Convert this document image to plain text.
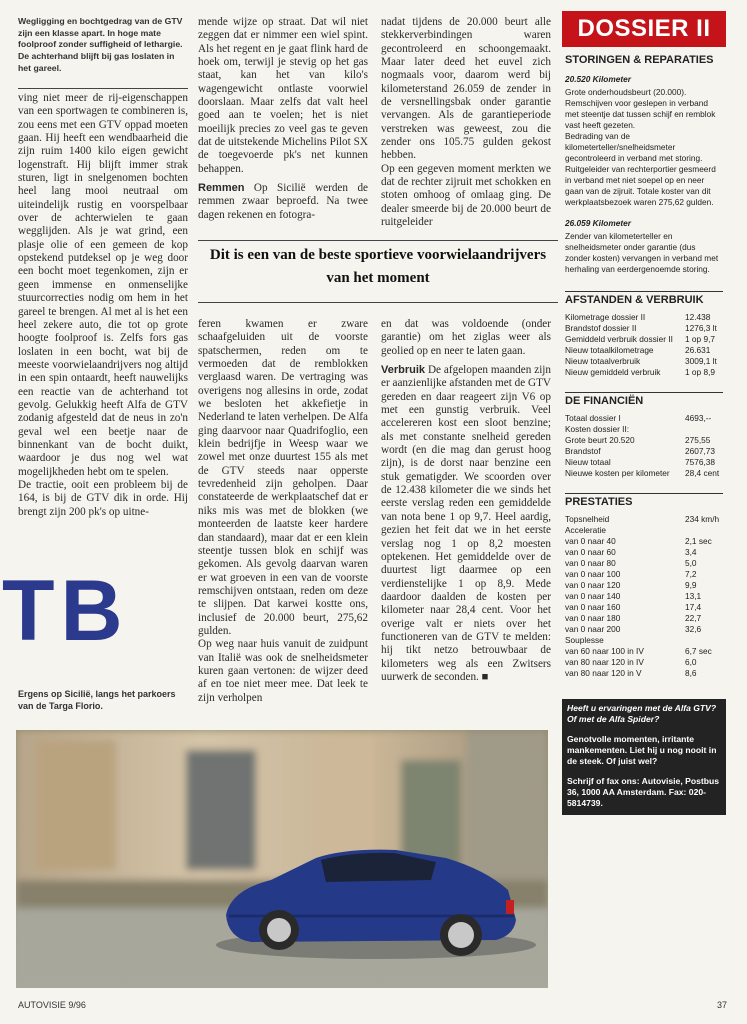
Wegligging en bochtgedrag van de GTV zijn een klasse apart. In hoge mate foolproof zonder suffigheid of lethargie. De achterhand blijft bij gas loslaten in het gareel.

ving niet meer de rij-eigenschappen van een sportwagen te combineren is, zou eens met een GTV oppad moeten gaan. Hij heeft een wendbaarheid die zijn ruim 1400 kilo eigen gewicht logenstraft. Hij blijft immer strak sturen, ligt in snelgenomen bochten heel lang mooi neutraal om uiteindelijk rustig en voorspelbaar over de achterwielen te gaan wegglijden. Als je wat grind, een plasje olie of een gemeen de kop opstekend putdeksel op je weg door een bocht moet tegenkomen, zijn er geen immense en onmenselijke stuurcorrecties nodig om hem in het gareel te brengen. Al met al is het een heel zekere auto, die tot op grote hoogte foolproof is. Zelfs fors gas loslaten in een bocht, wat bij de meeste voorwielaandrijvers nog altijd in een spin ontaardt, heeft nauwelijks een reactie van de achterhand tot gevolg. Gelukkig heeft Alfa de GTV zodanig afgesteld dat de neus in zo'n geval wel een beetje naar de binnenkant van de bocht duikt, waardoor je dus nog wel wat mogelijkheden hebt om te spelen.

De tractie, ooit een probleem bij de 164, is bij de GTV dik in orde. Hij brengt zijn 200 pk's op uitne-

mende wijze op straat. Dat wil niet zeggen dat er nimmer een wiel spint. Als het regent en je gaat flink hard de hoek om, terwijl je stevig op het gas staat, kan het van kilo's wagengewicht ontlaste voorwiel doorslaan. Maar zelfs dat valt heel goed aan te voelen; het is niet moeilijk precies zo veel gas te geven dat de uitstekende Michelins Pilot SX de toegevoerde pk's net kunnen behappen.

Remmen Op Sicilië werden de remmen zwaar beproefd. Na twee dagen rekenen en fotogra-

nadat tijdens de 20.000 beurt alle stekkerverbindingen waren gecontroleerd en schoongemaakt. Maar later deed het euvel zich nogmaals voor, daarom werd bij kilometerstand 26.059 de zender in de versnellingsbak onder garantie vervangen. Als de garantieperiode verstreken was geweest, zou die zender ons 105.75 gulden gekost hebben.

Op een gegeven moment merkten we dat de rechter zijruit met schokken en stoten omhoog of omlaag ging. De dealer smeerde bij de 20.000 beurt de ruitgeleider

Dit is een van de beste sportieve voorwielaandrijvers van het moment

feren kwamen er zware schaafgeluiden uit de voorste spatschermen, reden om te vermoeden dat de remblokken verglaasd waren. De vertraging was overigens nog allesins in orde, zodat we besloten het akkefietje in Nederland te laten verhelpen. De Alfa ging daarvoor naar Quadrifoglio, een klein bedrijfje in Weesp waar we zowel met onze duurtest 155 als met de GTV steeds naar opperste tevredenheid zijn geholpen. Daar constateerde de werkplaatschef dat er niks mis was met de blokken (we monteerden de laatste keer hardere dan standaard), maar dat er een klein steentje tussen blok en schijf was gekomen. Als gevolg daarvan waren er wat groeven in een van de voorste remschijven ontstaan, reden om deze te slijpen. Dat karwei kostte ons, inclusief de 20.000 beurt, 275,62 gulden.

Op weg naar huis vanuit de zuidpunt van Italië was ook de snelheidsmeter kuren gaan vertonen: de wijzer deed af en toe niet meer mee. Dat leek te zijn verholpen

en dat was voldoende (onder garantie) om het ziglas weer als geolied op en neer te laten gaan.

Verbruik De afgelopen maanden zijn er aanzienlijke afstanden met de GTV gereden en daar reageert zijn V6 op met een gunstig verbruik. Veel accelereren kost een sloot benzine; als met constante snelheid gereden wordt (en die mag dan gerust hoog zijn), is de dorst naar benzine een stuk gematigder. We scoorden over de 12.438 kilometer die we sinds het eerste verslag reden een gemiddelde van nota bene 1 op 9,7. Heel aardig, gezien het feit dat we in het eerste verslag nog 1 op 8,2 moesten optekenen. Het gemiddelde over de duurtest ligt daarmee op een verdienstelijke 1 op 8,9. Mede daardoor daalden de kosten per kilometer naar 28,4 cent. Voor het overige valt er niets over het functioneren van de GTV te melden: hij tikt netzo betrouwbaar de kilometers weg als een Zwitsers uurwerk de seconden. ■

TB
Ergens op Sicilië, langs het parkoers van de Targa Florio.
DOSSIER II
STORINGEN & REPARATIES
20.520 Kilometer
Grote onderhoudsbeurt (20.000).
Remschijven voor geslepen in verband met steentje dat tussen schijf en remblok vast heeft gezeten.
Bedrading van de kilometerteller/snelheidsmeter gecontroleerd in verband met storing.
Ruitgeleider van rechterportier gesmeerd in verband met niet soepel op en neer gaan van de zijruit. Totale koster van dit werkplaatsbezoek waren 275,62 gulden.
26.059 Kilometer
Zender van kilometerteller en snelheidsmeter onder garantie (dus zonder kosten) vervangen in verband met herhaling van eerdergenoemde storing.
AFSTANDEN & VERBRUIK
Kilometrage dossier II	12.438
Brandstof dossier II	1276,3 lt
Gemiddeld verbruik dossier II 1 op 9,7
Nieuw totaalkilometrage	26.631
Nieuw totaalverbruik	3009,1 lt
Nieuw gemiddeld verbruik	1 op 8,9
DE FINANCIËN
Totaal dossier I	4693,--
Kosten dossier II:
Grote beurt 20.520	275,55
Brandstof	2607,73
Nieuw totaal	7576,38
Nieuwe kosten per kilometer 28,4 cent
PRESTATIES
Topsnelheid	234 km/h
Acceleratie
van 0 naar 40	2,1 sec
van 0 naar 60	3,4
van 0 naar 80	5,0
van 0 naar 100	7,2
van 0 naar 120	9,9
van 0 naar 140	13,1
van 0 naar 160	17,4
van 0 naar 180	22,7
van 0 naar 200	32,6
Souplesse
van 60 naar 100 in IV	6,7 sec
van 80 naar 120 in IV	6,0
van 80 naar 120 in V	8,6

Heeft u ervaringen met de Alfa GTV? Of met de Alfa Spider?

Genotvolle momenten, irritante mankementen. Liet hij u nog nooit in de steek. Of juist wel?

Schrijf of fax ons: Autovisie, Postbus 36, 1000 AA Amsterdam. Fax: 020-5814739.

AUTOVISIE 9/96	37
